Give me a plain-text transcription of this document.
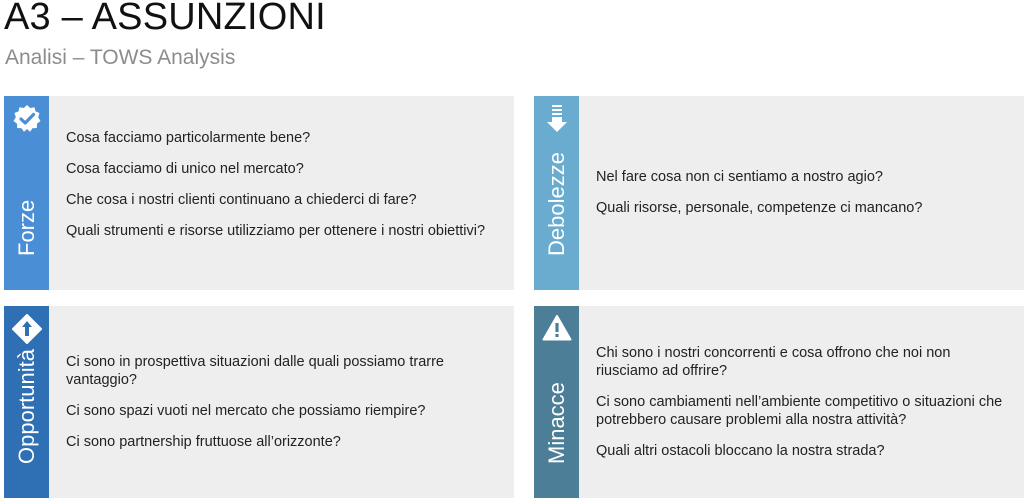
A3 – ASSUNZIONI
Analisi – TOWS Analysis
Forze

Cosa facciamo particolarmente bene?

Cosa facciamo di unico nel mercato?

Che cosa i nostri clienti continuano a chiederci di fare?

Quali strumenti e risorse utilizziamo per ottenere i nostri obiettivi?	Debolezze Nel fare cosa non ci sentiamo a nostro agio?

Quali risorse, personale, competenze ci mancano?

Opportunità Ci sono in prospettiva situazioni dalle quali possiamo trarre vantaggio?

Ci sono spazi vuoti nel mercato che possiamo riempire?

Ci sono partnership fruttuose all’orizzonte?	Minacce

Chi sono i nostri concorrenti e cosa offrono che noi non riusciamo ad offrire?

Ci sono cambiamenti nell’ambiente competitivo o situazioni che potrebbero causare problemi alla nostra attività?

Quali altri ostacoli bloccano la nostra strada?
